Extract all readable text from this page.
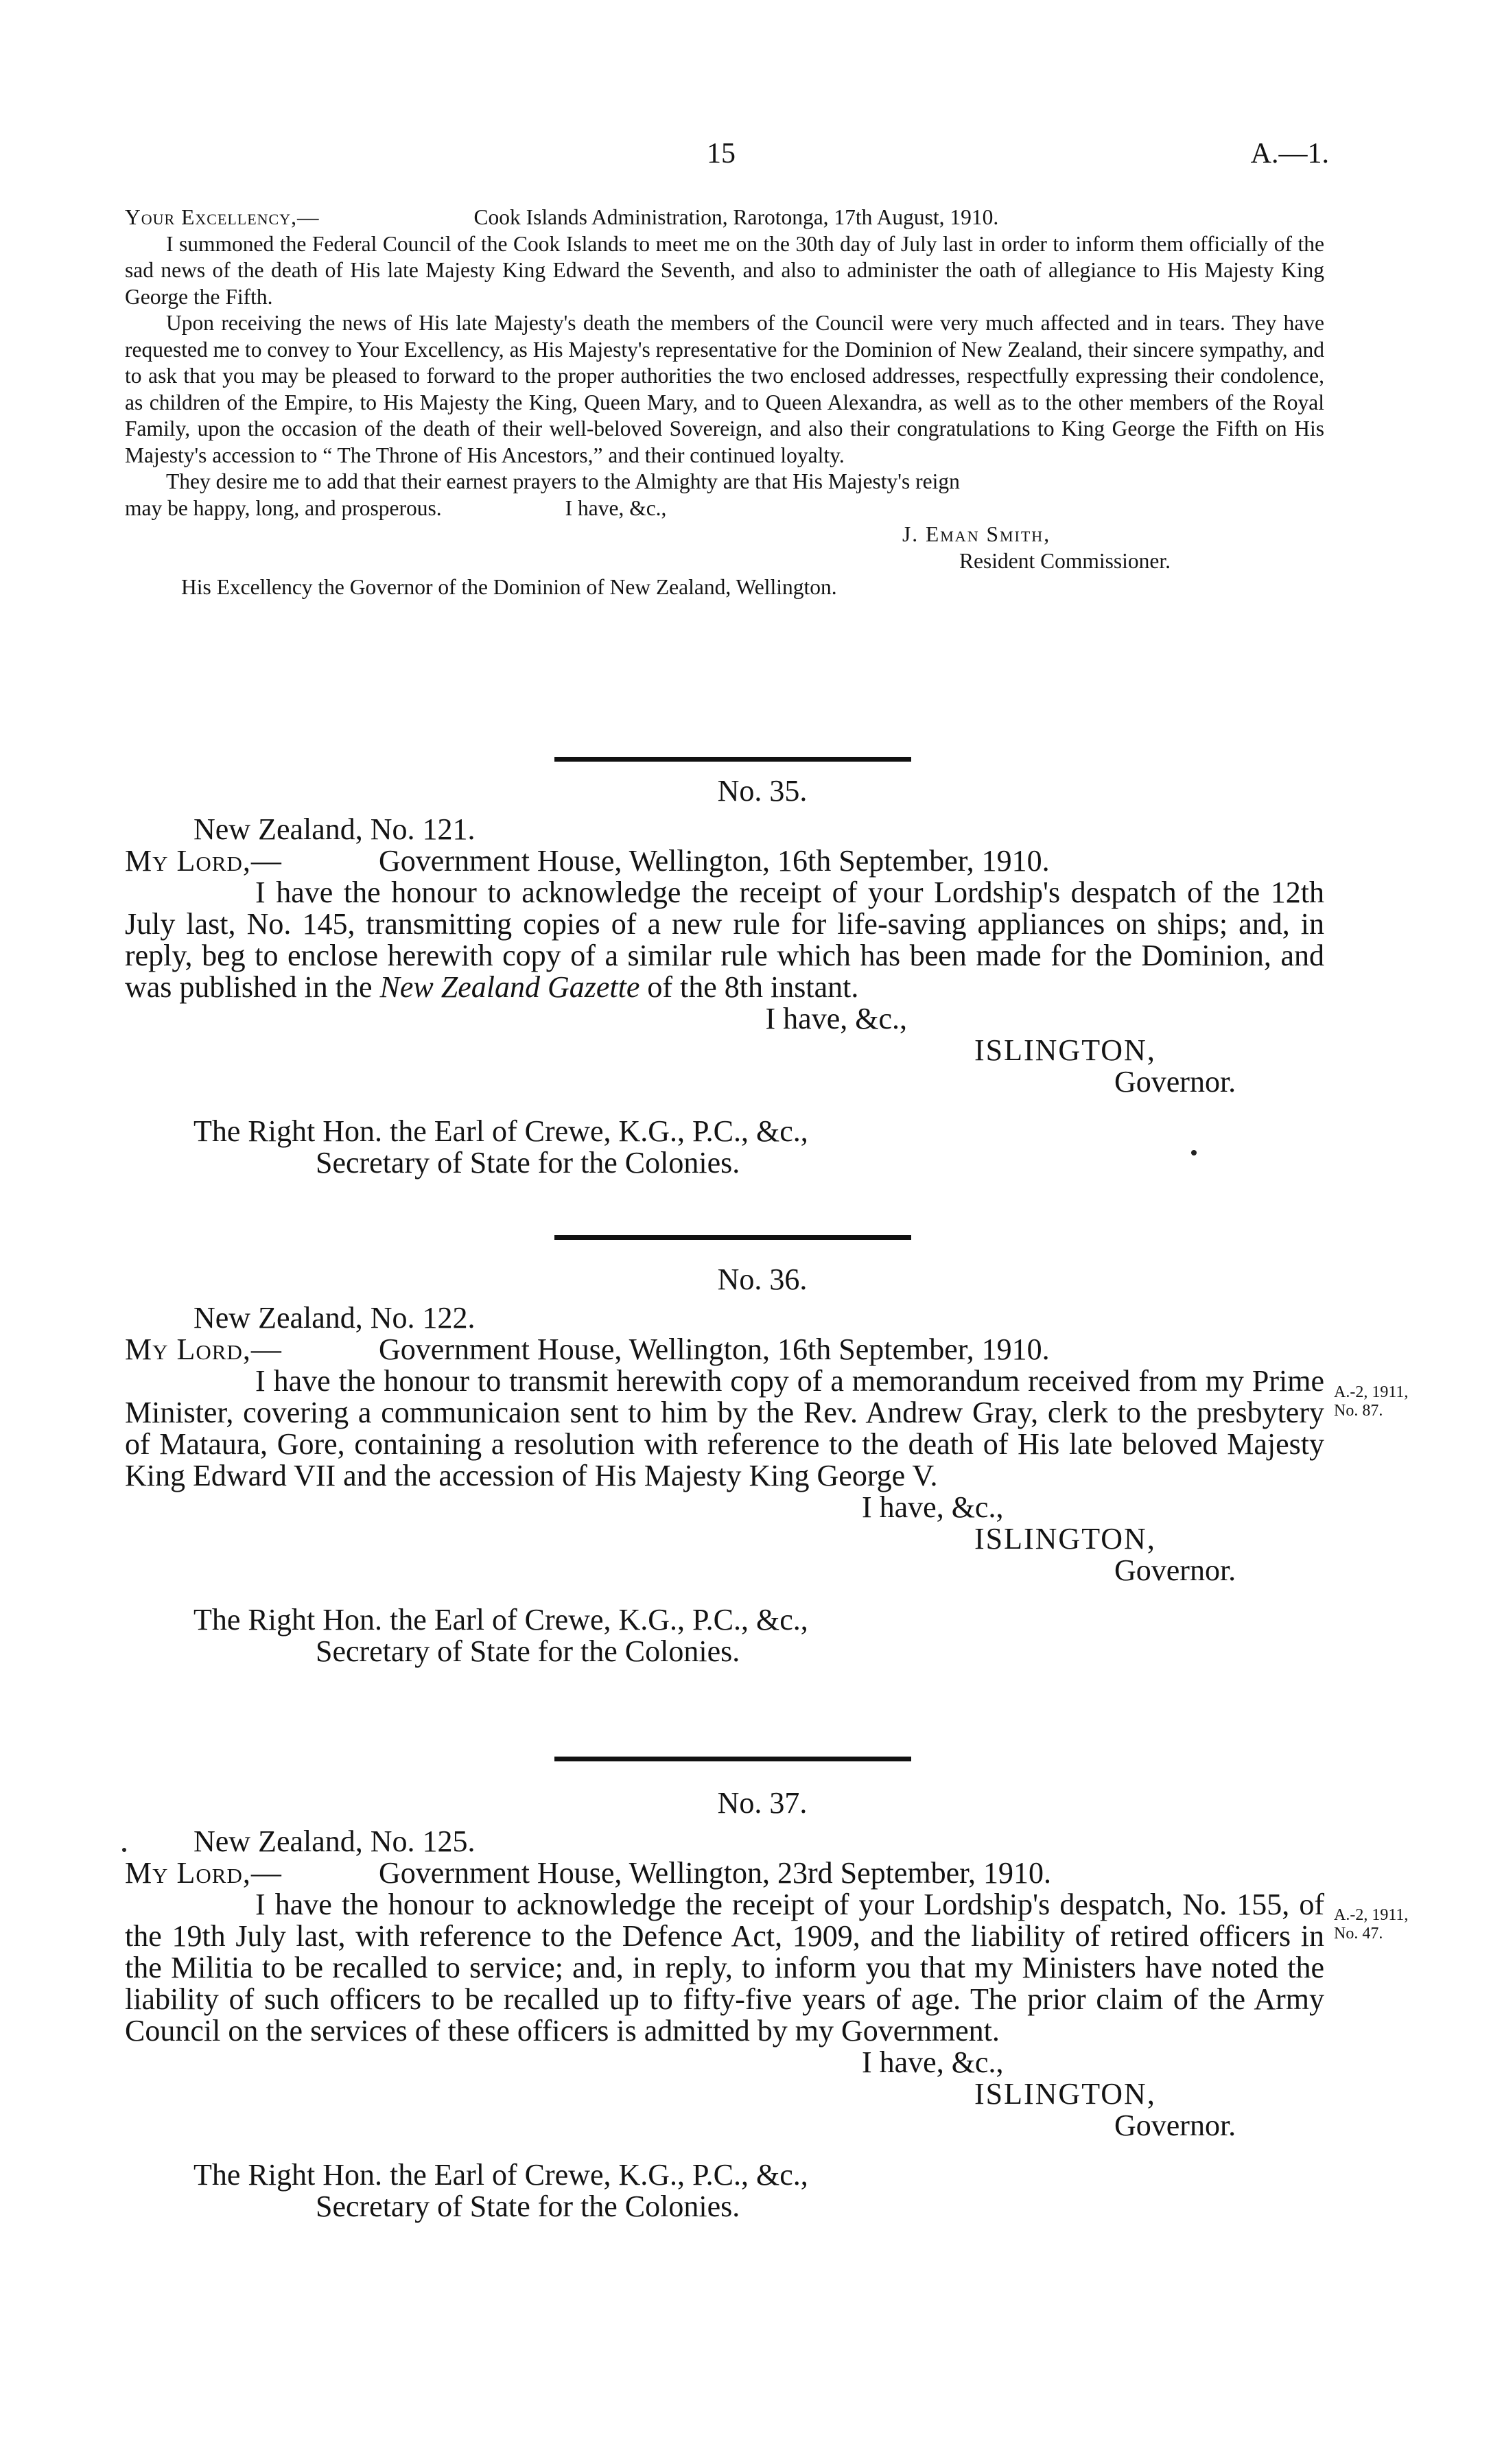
15	A.—1.
Your Excellency,—	Cook Islands Administration, Rarotonga, 17th August, 1910.

I summoned the Federal Council of the Cook Islands to meet me on the 30th day of July last in order to inform them officially of the sad news of the death of His late Majesty King Edward the Seventh, and also to administer the oath of allegiance to His Majesty King George the Fifth.

Upon receiving the news of His late Majesty's death the members of the Council were very much affected and in tears. They have requested me to convey to Your Excellency, as His Majesty's representative for the Dominion of New Zealand, their sincere sympathy, and to ask that you may be pleased to forward to the proper authorities the two enclosed addresses, respectfully expressing their condolence, as children of the Empire, to His Majesty the King, Queen Mary, and to Queen Alexandra, as well as to the other members of the Royal Family, upon the occasion of the death of their well-beloved Sovereign, and also their congratulations to King George the Fifth on His Majesty's accession to “ The Throne of His Ancestors,” and their continued loyalty.

They desire me to add that their earnest prayers to the Almighty are that His Majesty's reign

may be happy, long, and prosperous.	I have, &c.,
J. Eman Smith,
Resident Commissioner.
His Excellency the Governor of the Dominion of New Zealand, Wellington.
No. 35.
New Zealand, No. 121.
My Lord,—	Government House, Wellington, 16th September, 1910.

I have the honour to acknowledge the receipt of your Lordship's despatch of the 12th July last, No. 145, transmitting copies of a new rule for life-saving appliances on ships; and, in reply, beg to enclose herewith copy of a similar rule which has been made for the Dominion, and was published in the New Zealand Gazette of the 8th instant.
I have, &c.,

ISLINGTON,
Governor.
The Right Hon. the Earl of Crewe, K.G., P.C., &c.,
Secretary of State for the Colonies.
No. 36.
New Zealand, No. 122.
My Lord,—	Government House, Wellington, 16th September, 1910.

I have the honour to transmit herewith copy of a memorandum received from my Prime Minister, covering a communicaion sent to him by the Rev. Andrew Gray, clerk to the presbytery of Mataura, Gore, containing a resolution with reference to the death of His late beloved Majesty King Edward VII and the accession of His Majesty King George V.

I have, &c.,
ISLINGTON,
Governor.
The Right Hon. the Earl of Crewe, K.G., P.C., &c.,
Secretary of State for the Colonies.
A.-2, 1911,
No. 87.
No. 37.
New Zealand, No. 125.
My Lord,—	Government House, Wellington, 23rd September, 1910.

I have the honour to acknowledge the receipt of your Lordship's despatch, No. 155, of the 19th July last, with reference to the Defence Act, 1909, and the liability of retired officers in the Militia to be recalled to service; and, in reply, to inform you that my Ministers have noted the liability of such officers to be recalled up to fifty-five years of age. The prior claim of the Army Council on the services of these officers is admitted by my Government.

I have, &c.,
ISLINGTON,
Governor.
The Right Hon. the Earl of Crewe, K.G., P.C., &c.,
Secretary of State for the Colonies.
A.-2, 1911,
No. 47.
